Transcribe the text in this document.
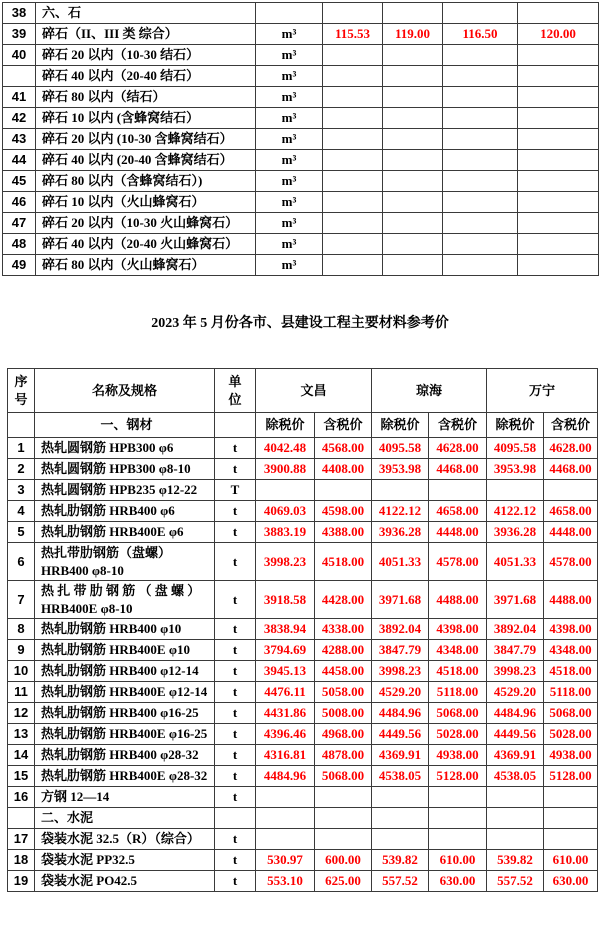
38	六、石					
39	碎石（II、III 类 综合）	m³	115.53	119.00	116.50	120.00
40	碎石 20 以内（10-30 结石）	m³				
	碎石 40 以内（20-40 结石）	m³				
41	碎石 80 以内（结石）	m³				
42	碎石 10 以内 (含蜂窝结石）	m³				
43	碎石 20 以内 (10-30 含蜂窝结石）	m³				
44	碎石 40 以内 (20-40 含蜂窝结石）	m³				
45	碎石 80 以内（含蜂窝结石）)	m³				
46	碎石 10 以内（火山蜂窝石）	m³				
47	碎石 20 以内（10-30 火山蜂窝石）	m³				
48	碎石 40 以内（20-40 火山蜂窝石）	m³				
49	碎石 80 以内（火山蜂窝石）	m³				
2023 年 5 月份各市、县建设工程主要材料参考价
序号	名称及规格	单位	文昌		琼海		万宁	
	一、钢材		除税价	含税价	除税价	含税价	除税价	含税价
1	热轧圆钢筋 HPB300 φ6	t	4042.48	4568.00	4095.58	4628.00	4095.58	4628.00
2	热轧圆钢筋 HPB300 φ8-10	t	3900.88	4408.00	3953.98	4468.00	3953.98	4468.00
3	热轧圆钢筋 HPB235 φ12-22	T						
4	热轧肋钢筋 HRB400 φ6	t	4069.03	4598.00	4122.12	4658.00	4122.12	4658.00
5	热轧肋钢筋 HRB400E φ6	t	3883.19	4388.00	3936.28	4448.00	3936.28	4448.00
6	热扎带肋钢筋（盘螺）HRB400 φ8-10	t	3998.23	4518.00	4051.33	4578.00	4051.33	4578.00
7	热 扎 带 肋 钢 筋 （ 盘 螺 ）HRB400E φ8-10	t	3918.58	4428.00	3971.68	4488.00	3971.68	4488.00
8	热轧肋钢筋 HRB400 φ10	t	3838.94	4338.00	3892.04	4398.00	3892.04	4398.00
9	热轧肋钢筋 HRB400E φ10	t	3794.69	4288.00	3847.79	4348.00	3847.79	4348.00
10	热轧肋钢筋 HRB400 φ12-14	t	3945.13	4458.00	3998.23	4518.00	3998.23	4518.00
11	热轧肋钢筋 HRB400E φ12-14	t	4476.11	5058.00	4529.20	5118.00	4529.20	5118.00
12	热轧肋钢筋 HRB400 φ16-25	t	4431.86	5008.00	4484.96	5068.00	4484.96	5068.00
13	热轧肋钢筋 HRB400E φ16-25	t	4396.46	4968.00	4449.56	5028.00	4449.56	5028.00
14	热轧肋钢筋 HRB400 φ28-32	t	4316.81	4878.00	4369.91	4938.00	4369.91	4938.00
15	热轧肋钢筋 HRB400E φ28-32	t	4484.96	5068.00	4538.05	5128.00	4538.05	5128.00
16	方钢 12—14	t						
	二、水泥							
17	袋装水泥 32.5（R）（综合）	t						
18	袋装水泥 PP32.5	t	530.97	600.00	539.82	610.00	539.82	610.00
19	袋装水泥 PO42.5	t	553.10	625.00	557.52	630.00	557.52	630.00
